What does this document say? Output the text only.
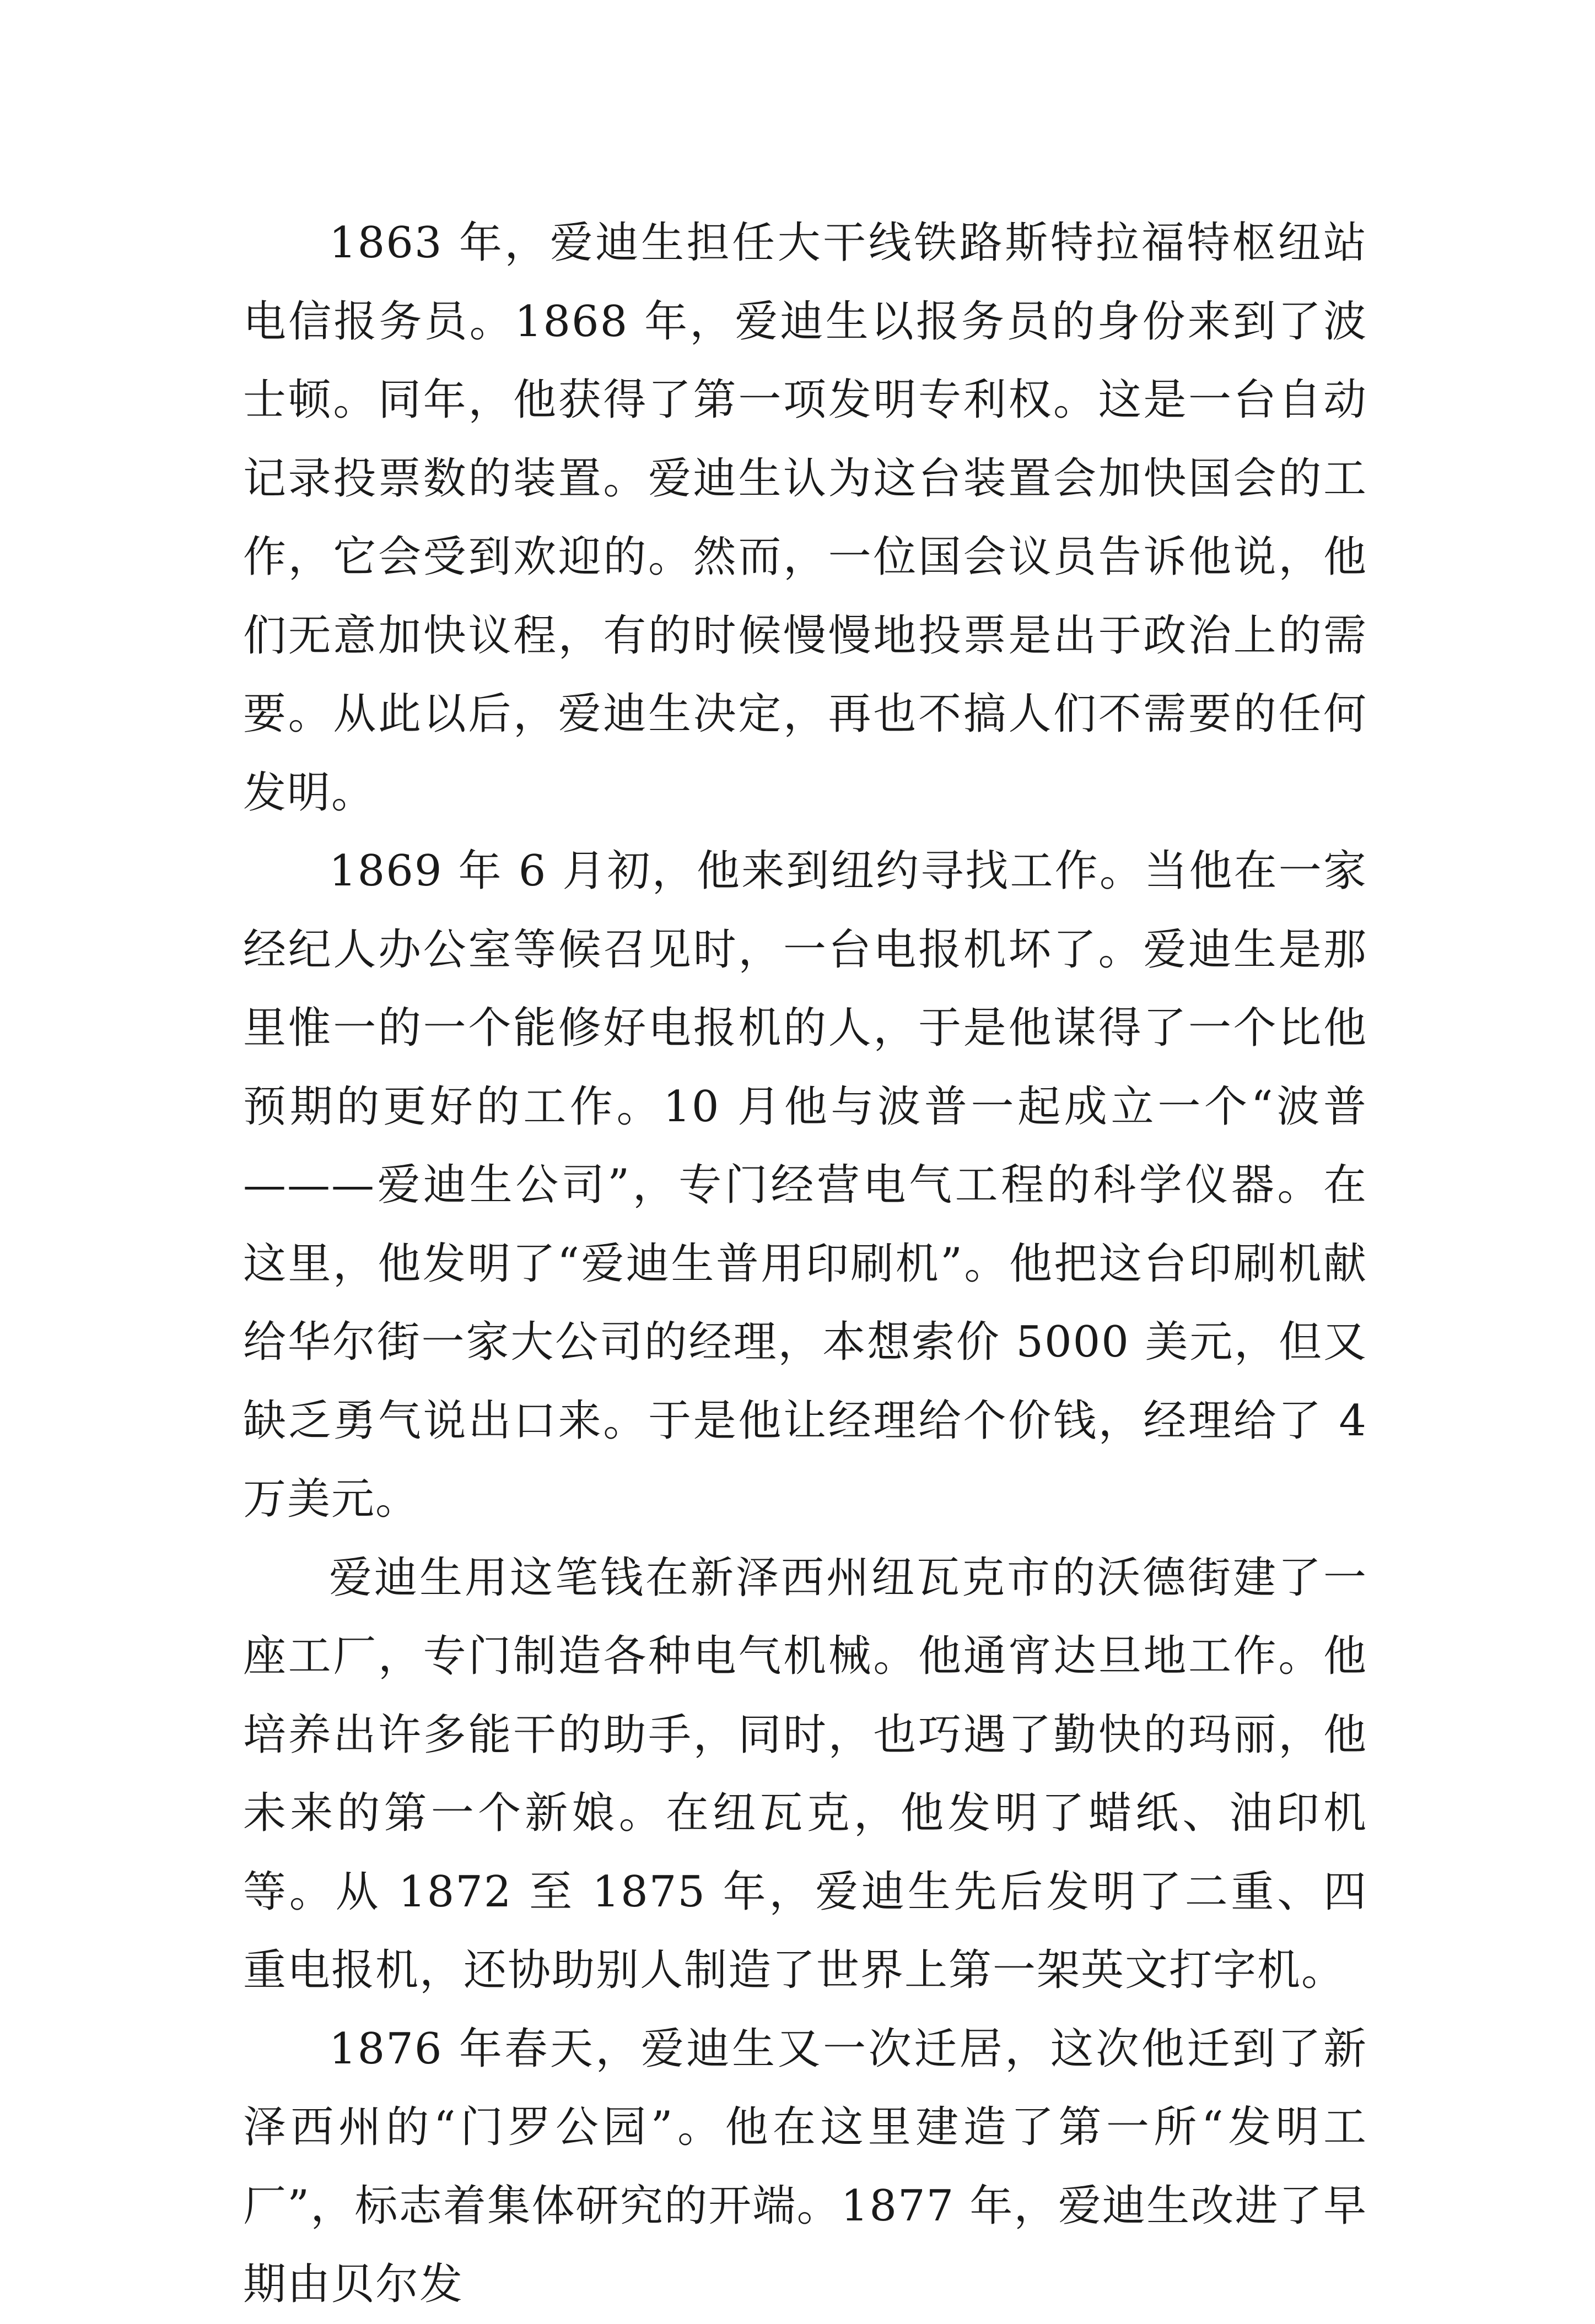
1863 年，爱迪生担任大干线铁路斯特拉福特枢纽站电信报务员。1868 年，爱迪生以报务员的身份来到了波士顿。同年，他获得了第一项发明专利权。这是一台自动记录投票数的装置。爱迪生认为这台装置会加快国会的工作，它会受到欢迎的。然而，一位国会议员告诉他说，他们无意加快议程，有的时候慢慢地投票是出于政治上的需要。从此以后，爱迪生决定，再也不搞人们不需要的任何发明。

1869 年 6 月初，他来到纽约寻找工作。当他在一家经纪人办公室等候召见时，一台电报机坏了。爱迪生是那里惟一的一个能修好电报机的人，于是他谋得了一个比他预期的更好的工作。10 月他与波普一起成立一个“波普———爱迪生公司”，专门经营电气工程的科学仪器。在这里，他发明了“爱迪生普用印刷机”。他把这台印刷机献给华尔街一家大公司的经理，本想索价 5000 美元，但又缺乏勇气说出口来。于是他让经理给个价钱，经理给了 4 万美元。

爱迪生用这笔钱在新泽西州纽瓦克市的沃德街建了一座工厂，专门制造各种电气机械。他通宵达旦地工作。他培养出许多能干的助手，同时，也巧遇了勤快的玛丽，他未来的第一个新娘。在纽瓦克，他发明了蜡纸、油印机等。从 1872 至 1875 年，爱迪生先后发明了二重、四重电报机，还协助别人制造了世界上第一架英文打字机。

1876 年春天，爱迪生又一次迁居，这次他迁到了新泽西州的“门罗公园”。他在这里建造了第一所“发明工厂”，标志着集体研究的开端。1877 年，爱迪生改进了早期由贝尔发
